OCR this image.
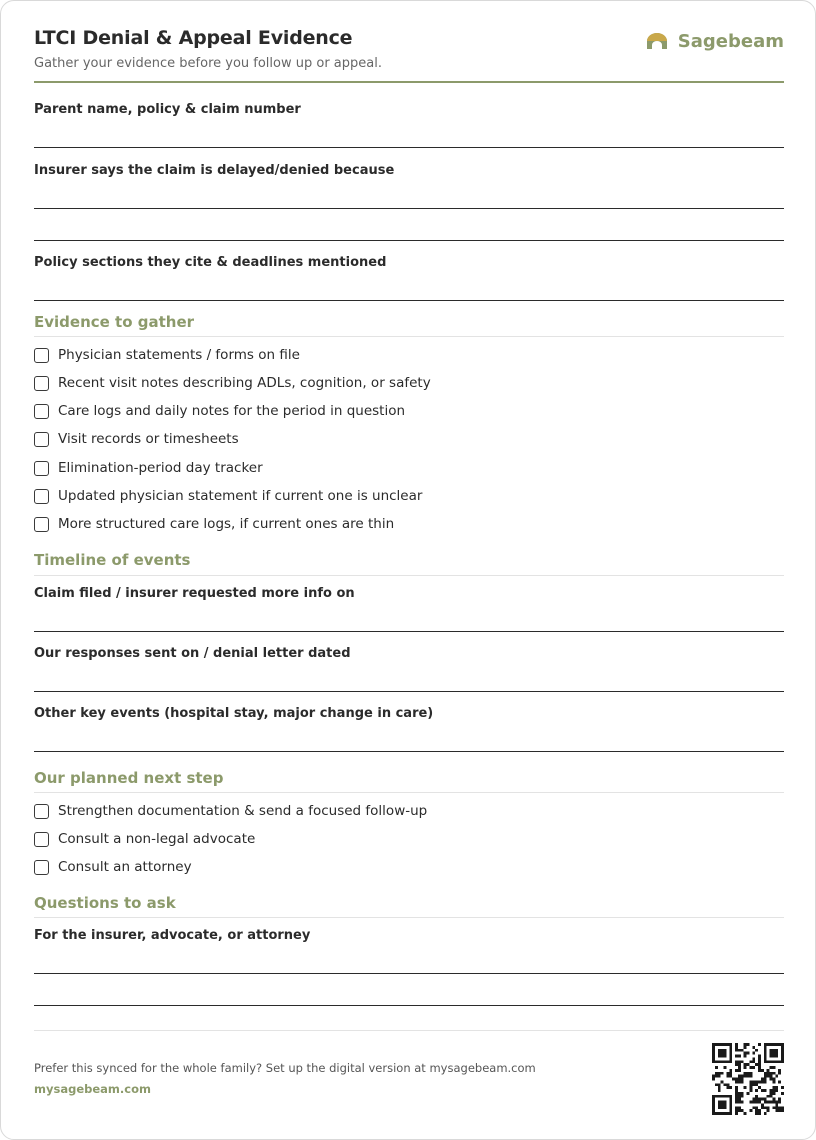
LTCI Denial & Appeal Evidence
Gather your evidence before you follow up or appeal.
Sagebeam
Parent name, policy & claim number
Insurer says the claim is delayed/denied because
Policy sections they cite & deadlines mentioned
Evidence to gather
Physician statements / forms on file
Recent visit notes describing ADLs, cognition, or safety
Care logs and daily notes for the period in question
Visit records or timesheets
Elimination-period day tracker
Updated physician statement if current one is unclear
More structured care logs, if current ones are thin
Timeline of events
Claim filed / insurer requested more info on
Our responses sent on / denial letter dated
Other key events (hospital stay, major change in care)
Our planned next step
Strengthen documentation & send a focused follow-up
Consult a non-legal advocate
Consult an attorney
Questions to ask
For the insurer, advocate, or attorney
Prefer this synced for the whole family? Set up the digital version at mysagebeam.com
mysagebeam.com
